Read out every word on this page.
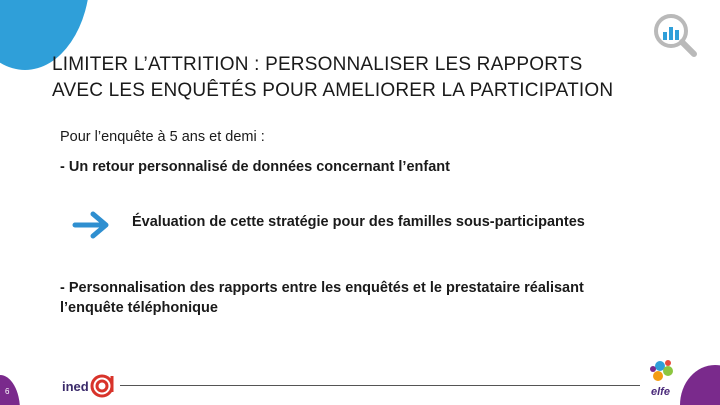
LIMITER L’ATTRITION : PERSONNALISER LES RAPPORTS
AVEC LES ENQUÊTÉS POUR AMELIORER LA PARTICIPATION
Pour l’enquête à 5 ans et demi :
- Un retour personnalisé de données concernant l’enfant
Évaluation de cette stratégie pour des familles sous-participantes
- Personnalisation des rapports entre les enquêtés et le prestataire réalisant
l’enquête téléphonique
6	ined	elfe
